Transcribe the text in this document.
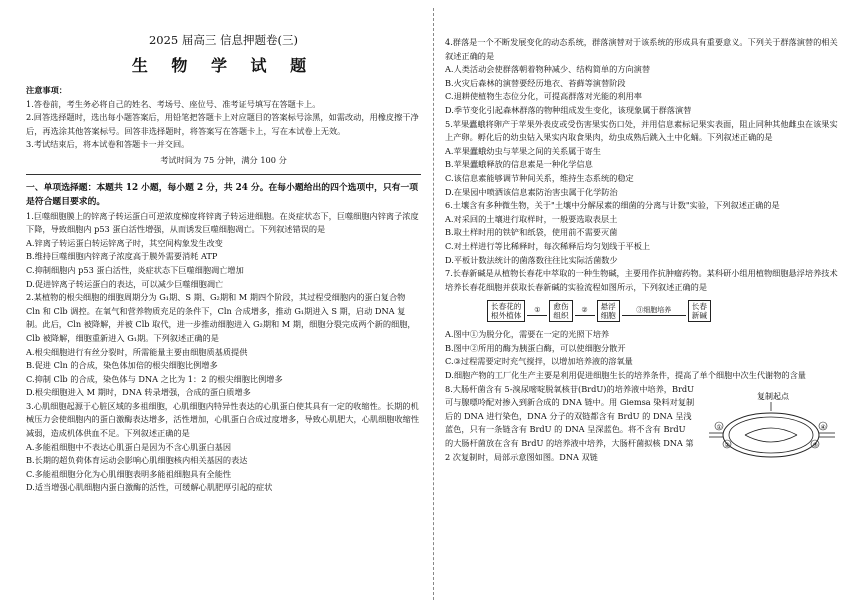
2025 届高三 信息押题卷(三)
生 物 学 试 题

注意事项：

1.答卷前，考生务必将自己的姓名、考场号、座位号、准考证号填写在答题卡上。

2.回答选择题时，选出每小题答案后，用铅笔把答题卡上对应题目的答案标号涂黑，如需改动，用橡皮擦干净后，再选涂其他答案标号。回答非选择题时，将答案写在答题卡上，写在本试卷上无效。

3.考试结束后，将本试卷和答题卡一并交回。

考试时间为 75 分钟，满分 100 分

一、单项选择题：本题共 12 小题，每小题 2 分，共 24 分。在每小题给出的四个选项中，只有一项是符合题目要求的。

1.巨噬细胞膜上的锌离子转运蛋白可逆浓度梯度将锌离子转运进细胞。在炎症状态下，巨噬细胞内锌离子浓度下降，导致细胞内 p53 蛋白活性增强，从而诱发巨噬细胞凋亡。下列叙述错误的是

A.锌离子转运蛋白转运锌离子时，其空间构象发生改变

B.维持巨噬细胞内锌离子浓度高于膜外需要消耗 ATP

C.抑制细胞内 p53 蛋白活性，炎症状态下巨噬细胞凋亡增加

D.促进锌离子转运蛋白的表达，可以减少巨噬细胞凋亡

2.某植物的根尖细胞的细胞周期分为 G₁期、S 期、G₂期和 M 期四个阶段，其过程受细胞内的蛋白复合物 Cln 和 Clb 调控。在氧气和营养物质充足的条件下，Cln 合成增多，推动 G₁期进入 S 期，启动 DNA 复制。此后，Cln 被降解，并被 Clb 取代，进一步推动细胞进入 G₂期和 M 期，细胞分裂完成两个新的细胞，Clb 被降解，细胞重新进入 G₁期。下列叙述正确的是

A.根尖细胞进行有丝分裂时，所需能量主要由细胞质基质提供

B.促进 Cln 的合成，染色体加倍的根尖细胞比例增多

C.抑制 Clb 的合成，染色体与 DNA 之比为 1：2 的根尖细胞比例增多

D.根尖细胞进入 M 期时，DNA 转录增强，合成的蛋白质增多

3.心肌细胞起源于心脏区域的多祖细胞，心肌细胞内特异性表达的心肌蛋白使其具有一定的收缩性。长期的机械压力会使细胞内的蛋白激酶表达增多，活性增加，心肌蛋白合成过度增多，导致心肌肥大，心肌细胞收缩性减弱，造成机体供血不足。下列叙述正确的是

A.多能祖细胞中不表达心肌蛋白是因为不含心肌蛋白基因

B.长期的超负荷体育运动会影响心肌细胞核内相关基因的表达

C.多能祖细胞分化为心肌细胞表明多能祖细胞具有全能性

D.适当增强心肌细胞内蛋白激酶的活性，可缓解心肌肥厚引起的症状

4.群落是一个不断发展变化的动态系统，群落演替对于该系统的形成具有重要意义。下列关于群落演替的相关叙述正确的是

A.人类活动会使群落朝着物种减少、结构简单的方向演替

B.火灾后森林的演替要经历地衣、苔藓等演替阶段

C.退耕使植物生态位分化，可提高群落对光能的利用率

D.季节变化引起森林群落的物种组成发生变化，该现象属于群落演替

5.苹果蠹蛾将卵产于苹果外表皮或受伤害果实伤口处，并用信息素标记果实表面，阻止同种其他雌虫在该果实上产卵。孵化后的幼虫钻入果实内取食果肉，幼虫成熟后跳入土中化蛹。下列叙述正确的是

A.苹果蠹蛾幼虫与苹果之间的关系属于寄生

B.苹果蠹蛾释放的信息素是一种化学信息

C.该信息素能够调节种间关系，维持生态系统的稳定

D.在果园中喷洒该信息素防治害虫属于化学防治

6.土壤含有多种微生物，关于"土壤中分解尿素的细菌的分离与计数"实验，下列叙述正确的是

A.对采回的土壤进行取样时，一般要选取表层土

B.取土样时用的铁铲和纸袋，使用前不需要灭菌

C.对土样进行等比稀释时，每次稀释后均匀划线于平板上

D.平板计数法统计的菌落数往往比实际活菌数少

7.长春新碱是从植物长春花中萃取的一种生物碱，主要用作抗肿瘤药物。某科研小组用植物细胞悬浮培养技术培养长春花细胞并获取长春新碱的实验流程如图所示，下列叙述正确的是

长春花的
根外植体
①	愈伤
组织
②	悬浮
细胞
③细胞培养	长春
新碱

A.图中①为脱分化，需要在一定的光照下培养

B.图中②所用的酶为胰蛋白酶，可以使细胞分散开

C.③过程需要定时充气搅拌，以增加培养液的溶氧量

D.细胞产物的工厂化生产主要是利用促进细胞生长的培养条件，提高了单个细胞中次生代谢物的含量

8.大肠杆菌含有 5-溴尿嘧啶脱氧核苷(BrdU)的培养液中培养，BrdU 可与腺嘌呤配对掺入到新合成的 DNA 链中。用 Giemsa 染料对复制后的 DNA 进行染色，DNA 分子的双链都含有 BrdU 的 DNA 呈浅蓝色，只有一条链含有 BrdU 的 DNA 呈深蓝色。将不含有 BrdU 的大肠杆菌放在含有 BrdU 的培养液中培养，大肠杆菌拟核 DNA 第 2 次复制时，局部示意图如图。DNA 双链

复制起点
①
②	③
④
